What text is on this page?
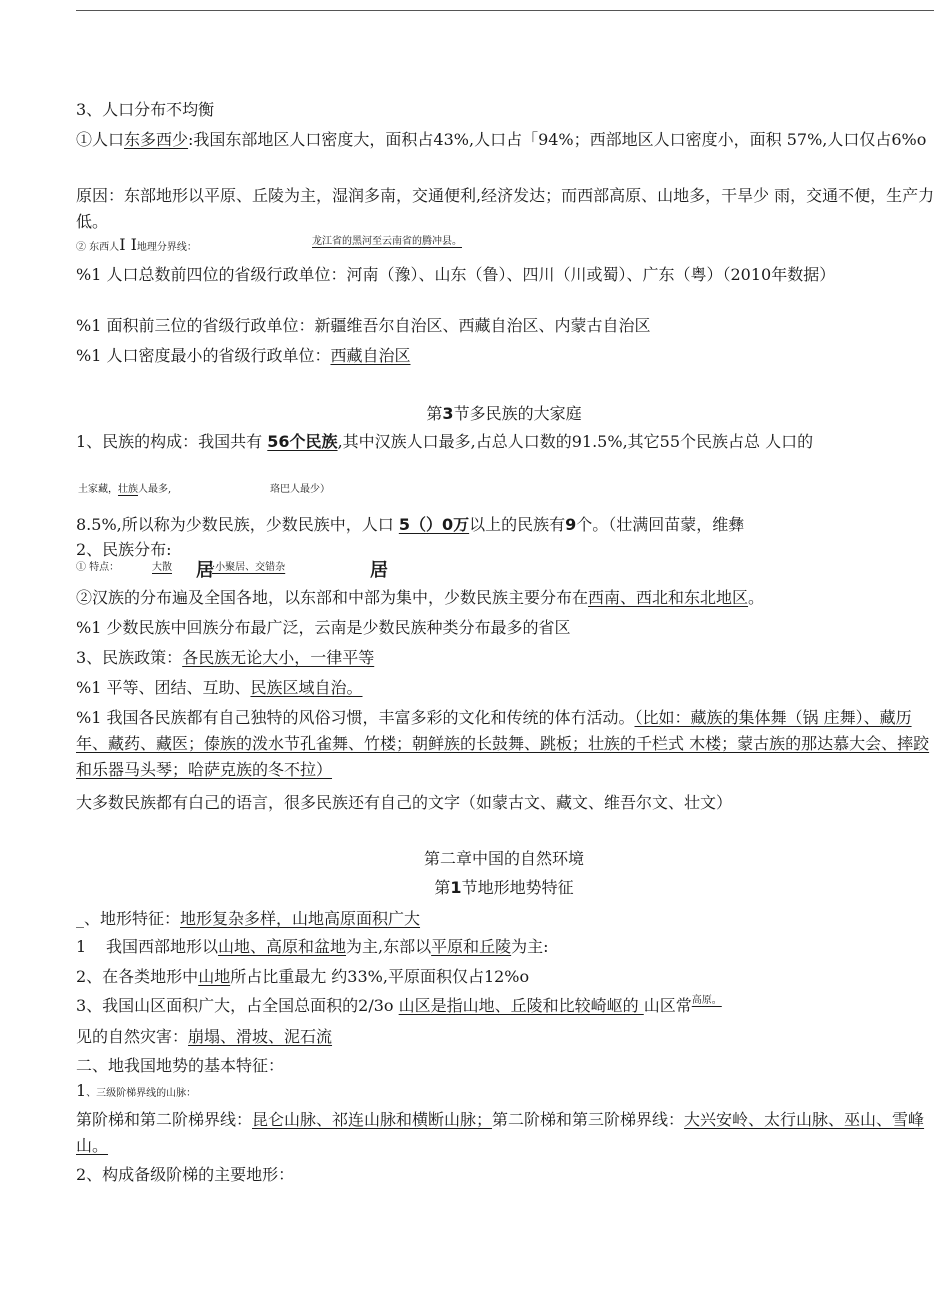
3、人口分布不均衡
①人口东多西少:我国东部地区人口密度大，面积占43%,人口占「94%；西部地区人口密度小，面积 57%,人口仅占6%o
原因：东部地形以平原、丘陵为主，湿润多南，交通便利,经济发达；而西部高原、山地多，干旱少 雨，交通不便，生产力低。
② 东西人I I地理分界线：
龙江省的黑河至云南省的腾冲县。
%1 人口总数前四位的省级行政单位：河南（豫）、山东（鲁）、四川（川或蜀）、广东（粤）（2010年数据）
%1 面积前三位的省级行政单位：新疆维吾尔自治区、西藏自治区、内蒙古自治区
%1 人口密度最小的省级行政单位：西藏自治区
第3节多民族的大家庭
1、民族的构成：我国共有 56个民族,其中汉族人口最多,占总人口数的91.5%,其它55个民族占总 人口的
土家藏，壮族人最多,	珞巴人最少）
8.5%,所以称为少数民族，少数民族中，人口 5（）0万以上的民族有9个。（壮满回苗蒙，维彝
2、民族分布:
① 特点：	大散 居
·小聚居、交错杂	居
②汉族的分布遍及全国各地，以东部和中部为集中，少数民族主要分布在西南、西北和东北地区。
%1 少数民族中回族分布最广泛，云南是少数民族种类分布最多的省区
3、民族政策：各民族无论大小，一律平等
%1 平等、团结、互助、民族区域自治。
%1 我国各民族都有自己独特的风俗习惯，丰富多彩的文化和传统的体冇活动。（比如：藏族的集体舞（锅 庄舞）、藏历年、藏药、藏医；傣族的泼水节孔雀舞、竹楼；朝鲜族的长鼓舞、跳板；壮族的千栏式 木楼；蒙古族的那达慕大会、摔跤和乐器马头琴；哈萨克族的冬不拉）
大多数民族都有白己的语言，很多民族还有自己的文字（如蒙古文、藏文、维吾尔文、壮文）
第二章中国的自然环境
第1节地形地势特征
_、地形特征：地形复杂多样，山地高原面积广大
1 我国西部地形以山地、高原和盆地为主,东部以平原和丘陵为主:
2、在各类地形中山地所占比重最尢 约33%,平原面积仅占12%o
3、我国山区面积广大，占全国总面积的2/3o 山区是指山地、丘陵和比较崎岖的 山区常$^{高原。}$
见的自然灾害：崩塌、滑坡、泥石流
二、地我国地势的基本特征：
1、三级阶梯界线的山脉：
第阶梯和第二阶梯界线：昆仑山脉、祁连山脉和横断山脉；第二阶梯和第三阶梯界线：大兴安岭、太行山脉、巫山、雪峰山。
2、构成备级阶梯的主要地形：
